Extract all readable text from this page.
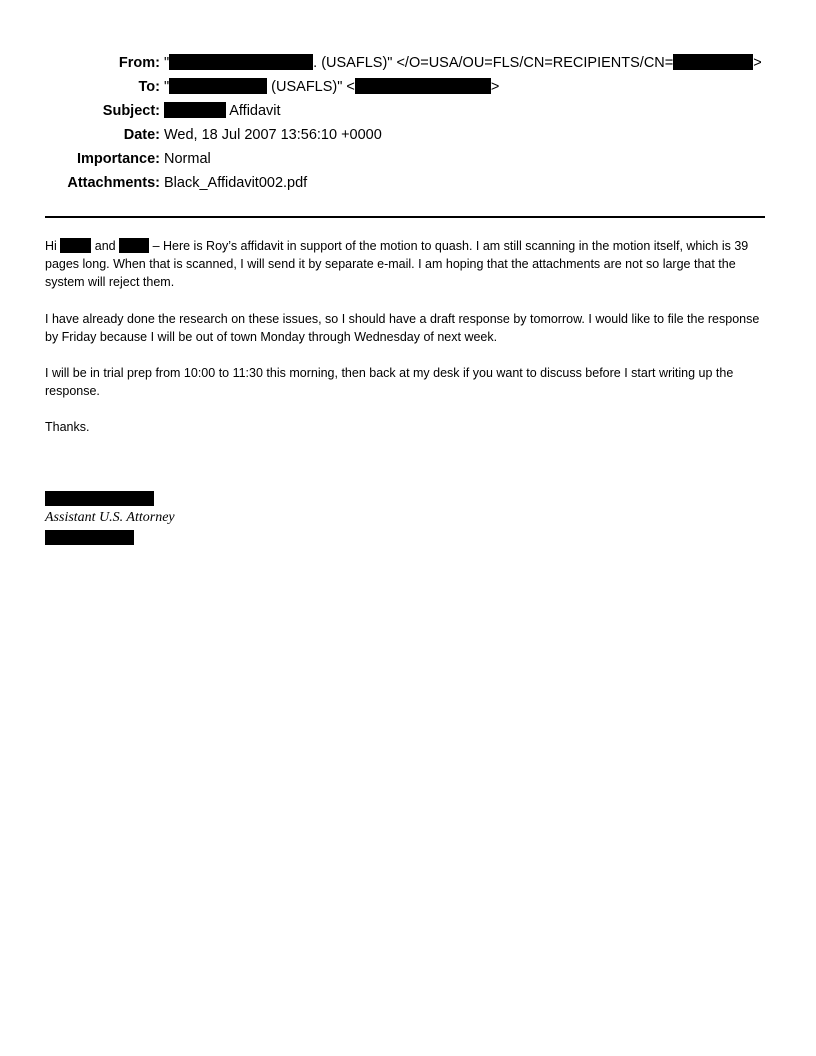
From: "	. (USAFLS)" </O=USA/OU=FLS/CN=RECIPIENTS/CN=	>
To: "	(USAFLS)" <	>
Subject:	Affidavit
Date: Wed, 18 Jul 2007 13:56:10 +0000
Importance: Normal
Attachments: Black_Affidavit002.pdf

Hi  and  – Here is Roy’s affidavit in support of the motion to quash. I am still scanning in the motion itself, which is 39 pages long. When that is scanned, I will send it by separate e-mail. I am hoping that the attachments are not so large that the system will reject them.

I have already done the research on these issues, so I should have a draft response by tomorrow. I would like to file the response by Friday because I will be out of town Monday through Wednesday of next week.

I will be in trial prep from 10:00 to 11:30 this morning, then back at my desk if you want to discuss before I start writing up the response.

Thanks.

Assistant U.S. Attorney
